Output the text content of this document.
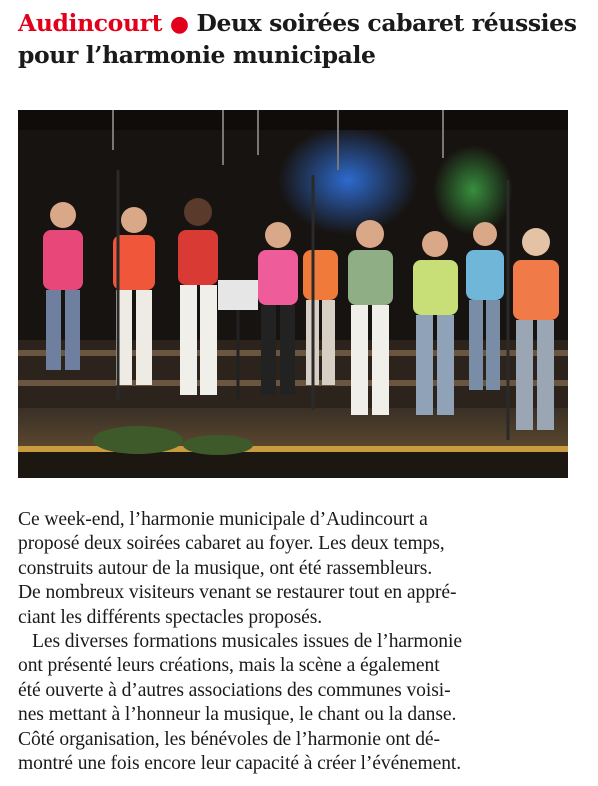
Audincourt ● Deux soirées cabaret réussies
pour l’harmonie municipale
Ce week-end, l’harmonie municipale d’Audincourt a
proposé deux soirées cabaret au foyer. Les deux temps,
construits autour de la musique, ont été rassembleurs.
De nombreux visiteurs venant se restaurer tout en appré-
ciant les différents spectacles proposés.
Les diverses formations musicales issues de l’harmonie
ont présenté leurs créations, mais la scène a également
été ouverte à d’autres associations des communes voisi-
nes mettant à l’honneur la musique, le chant ou la danse.
Côté organisation, les bénévoles de l’harmonie ont dé-
montré une fois encore leur capacité à créer l’événement.
